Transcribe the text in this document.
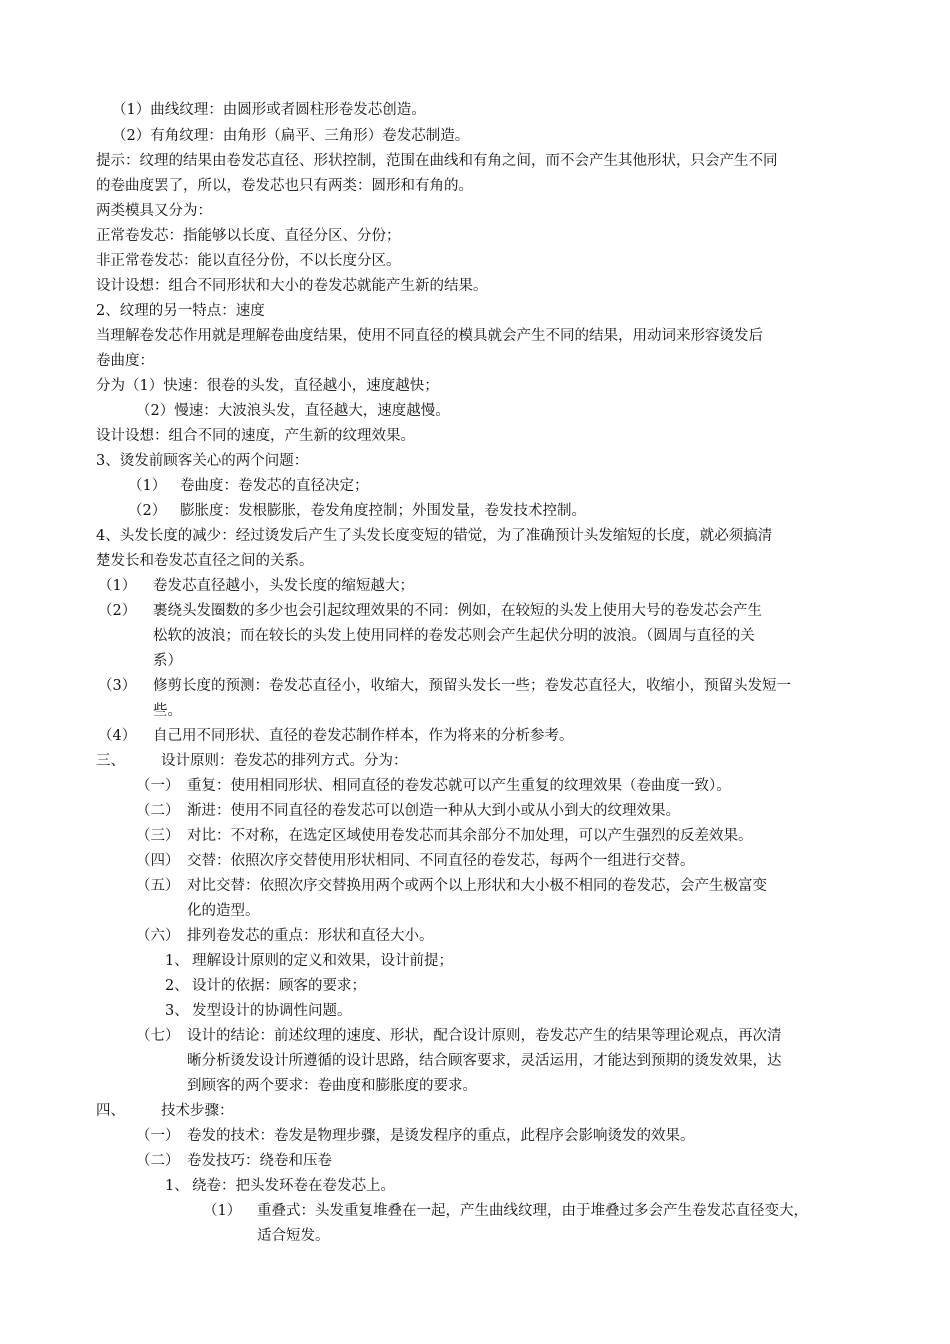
（1）曲线纹理：由圆形或者圆柱形卷发芯创造。
（2）有角纹理：由角形（扁平、三角形）卷发芯制造。
提示：纹理的结果由卷发芯直径、形状控制，范围在曲线和有角之间，而不会产生其他形状，只会产生不同
的卷曲度罢了，所以，卷发芯也只有两类：圆形和有角的。
两类模具又分为：
正常卷发芯：指能够以长度、直径分区、分份；
非正常卷发芯：能以直径分份，不以长度分区。
设计设想：组合不同形状和大小的卷发芯就能产生新的结果。
2、纹理的另一特点：速度
当理解卷发芯作用就是理解卷曲度结果，使用不同直径的模具就会产生不同的结果，用动词来形容烫发后
卷曲度：
分为（1）快速：很卷的头发，直径越小，速度越快；
（2）慢速：大波浪头发，直径越大，速度越慢。
设计设想：组合不同的速度，产生新的纹理效果。
3、烫发前顾客关心的两个问题：
（1） 卷曲度：卷发芯的直径决定；
（2） 膨胀度：发根膨胀，卷发角度控制；外围发量，卷发技术控制。
4、头发长度的减少：经过烫发后产生了头发长度变短的错觉，为了准确预计头发缩短的长度，就必须搞清
楚发长和卷发芯直径之间的关系。
（1） 卷发芯直径越小，头发长度的缩短越大；
（2） 裹绕头发圈数的多少也会引起纹理效果的不同：例如，在较短的头发上使用大号的卷发芯会产生
松软的波浪；而在较长的头发上使用同样的卷发芯则会产生起伏分明的波浪。（圆周与直径的关
系）
（3） 修剪长度的预测：卷发芯直径小，收缩大，预留头发长一些；卷发芯直径大，收缩小，预留头发短一
些。
（4） 自己用不同形状、直径的卷发芯制作样本，作为将来的分析参考。
三、 设计原则：卷发芯的排列方式。分为：
（一） 重复：使用相同形状、相同直径的卷发芯就可以产生重复的纹理效果（卷曲度一致）。
（二） 渐进：使用不同直径的卷发芯可以创造一种从大到小或从小到大的纹理效果。
（三） 对比：不对称，在选定区域使用卷发芯而其余部分不加处理，可以产生强烈的反差效果。
（四） 交替：依照次序交替使用形状相同、不同直径的卷发芯，每两个一组进行交替。
（五） 对比交替：依照次序交替换用两个或两个以上形状和大小极不相同的卷发芯，会产生极富变
化的造型。
（六） 排列卷发芯的重点：形状和直径大小。
1、 理解设计原则的定义和效果，设计前提；
2、 设计的依据：顾客的要求；
3、 发型设计的协调性问题。
（七） 设计的结论：前述纹理的速度、形状，配合设计原则，卷发芯产生的结果等理论观点，再次清
晰分析烫发设计所遵循的设计思路，结合顾客要求，灵活运用，才能达到预期的烫发效果，达
到顾客的两个要求：卷曲度和膨胀度的要求。
四、 技术步骤：
（一） 卷发的技术：卷发是物理步骤，是烫发程序的重点，此程序会影响烫发的效果。
（二） 卷发技巧：绕卷和压卷
1、 绕卷：把头发环卷在卷发芯上。
（1） 重叠式：头发重复堆叠在一起，产生曲线纹理，由于堆叠过多会产生卷发芯直径变大，
适合短发。
